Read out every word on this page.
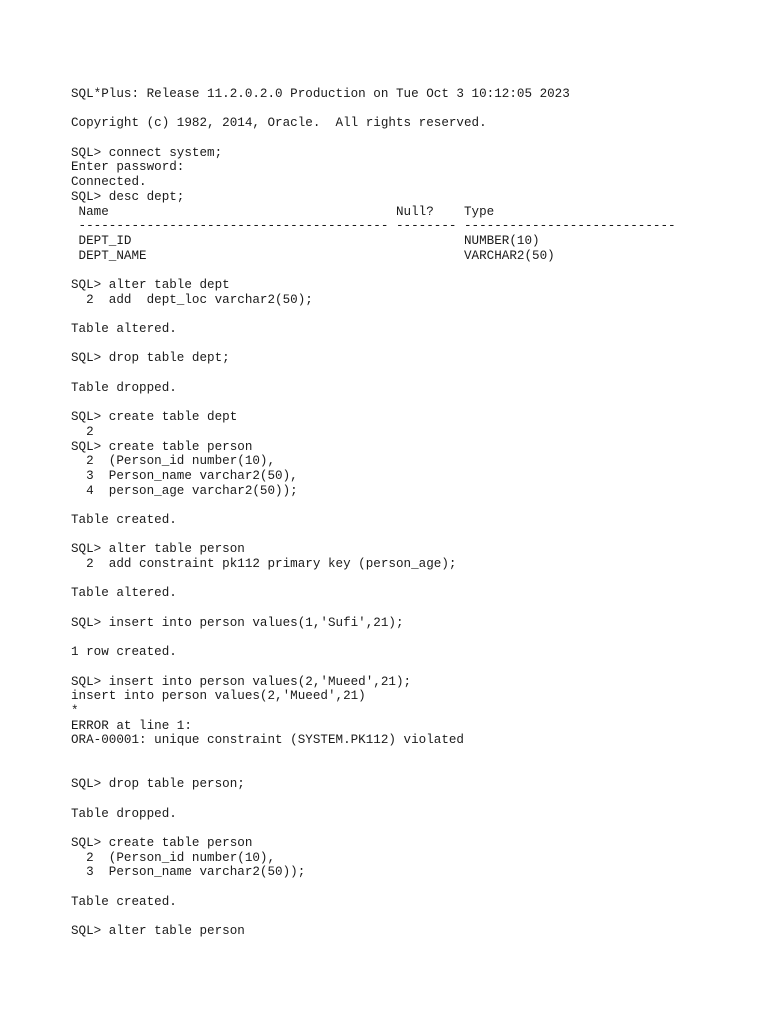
SQL*Plus: Release 11.2.0.2.0 Production on Tue Oct 3 10:12:05 2023
Copyright (c) 1982, 2014, Oracle.  All rights reserved.
SQL> connect system;
Enter password:
Connected.
SQL> desc dept;
Name                                      Null?    Type
----------------------------------------- -------- ----------------------------
DEPT_ID                                            NUMBER(10)
DEPT_NAME                                          VARCHAR2(50)
SQL> alter table dept
2  add  dept_loc varchar2(50);
Table altered.
SQL> drop table dept;
Table dropped.
SQL> create table dept
2
SQL> create table person
2  (Person_id number(10),
3  Person_name varchar2(50),
4  person_age varchar2(50));
Table created.
SQL> alter table person
2  add constraint pk112 primary key (person_age);
Table altered.
SQL> insert into person values(1,'Sufi',21);
1 row created.
SQL> insert into person values(2,'Mueed',21);
insert into person values(2,'Mueed',21)
*
ERROR at line 1:
ORA-00001: unique constraint (SYSTEM.PK112) violated
SQL> drop table person;
Table dropped.
SQL> create table person
2  (Person_id number(10),
3  Person_name varchar2(50));
Table created.
SQL> alter table person
